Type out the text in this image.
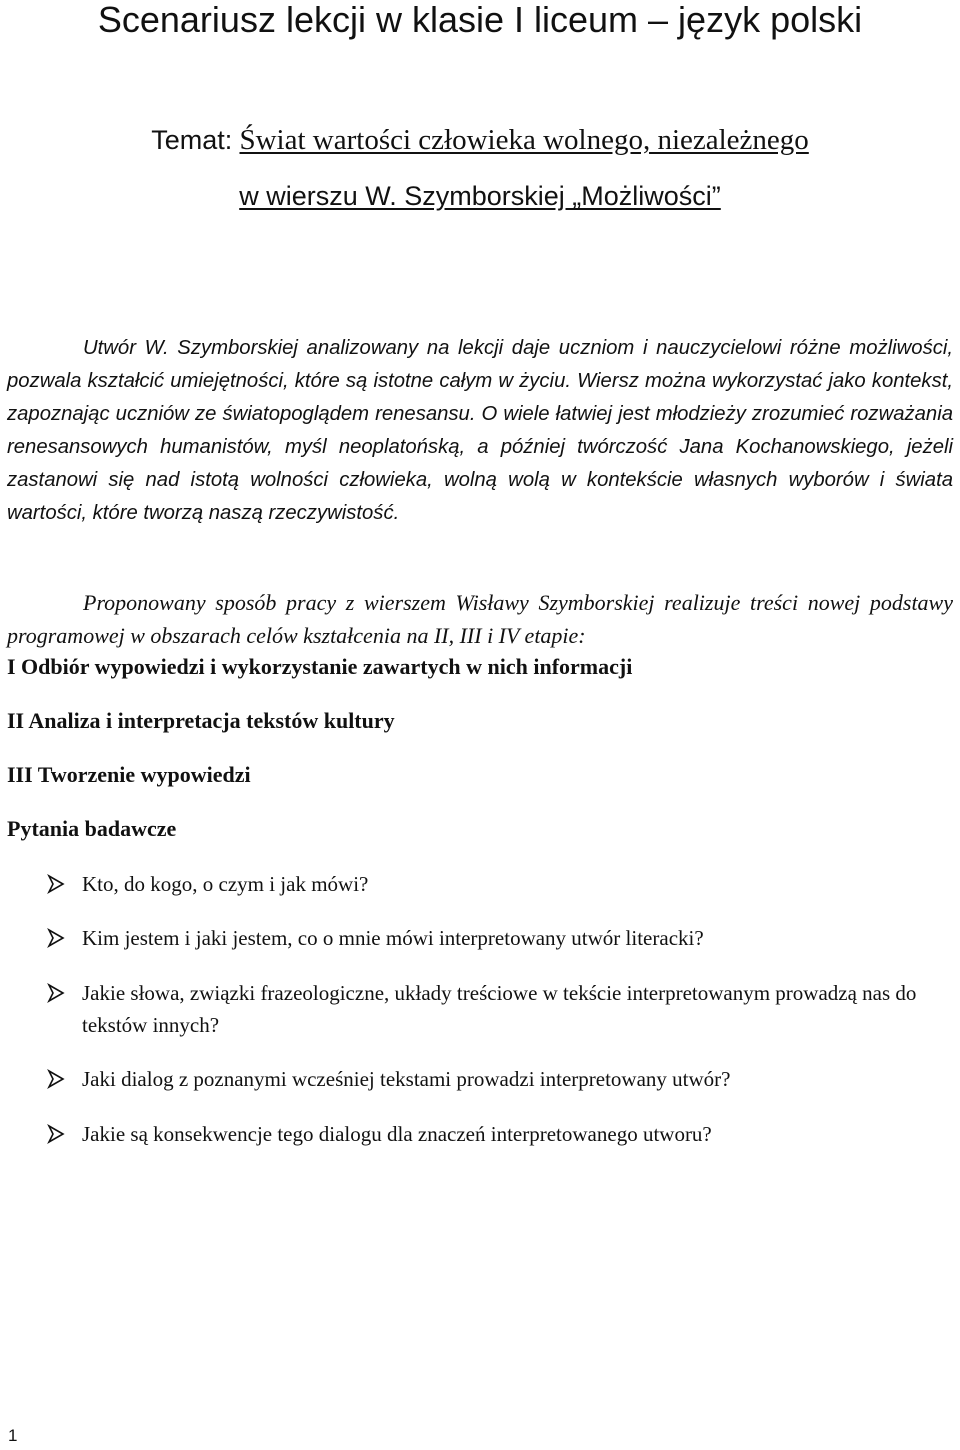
Scenariusz lekcji w klasie I liceum – język polski
Temat: Świat wartości człowieka wolnego, niezależnego
w wierszu W. Szymborskiej „Możliwości”

Utwór W. Szymborskiej analizowany na lekcji daje uczniom i nauczycielowi różne możliwości, pozwala kształcić umiejętności, które są istotne całym w życiu. Wiersz można wykorzystać jako kontekst, zapoznając uczniów ze światopoglądem renesansu. O wiele łatwiej jest młodzieży zrozumieć rozważania renesansowych humanistów, myśl neoplatońską, a później twórczość Jana Kochanowskiego, jeżeli zastanowi się nad istotą wolności człowieka, wolną wolą w kontekście własnych wyborów i świata wartości, które tworzą naszą rzeczywistość.

Proponowany sposób pracy z wierszem Wisławy Szymborskiej realizuje treści nowej podstawy programowej w obszarach celów kształcenia na II, III i IV etapie:

I Odbiór wypowiedzi i wykorzystanie zawartych w nich informacji
II Analiza i interpretacja tekstów kultury
III Tworzenie wypowiedzi
Pytania badawcze
Kto, do kogo, o czym i jak mówi?
Kim jestem i jaki jestem, co o mnie mówi interpretowany utwór literacki?
Jakie słowa, związki frazeologiczne, układy treściowe w tekście interpretowanym prowadzą nas do tekstów innych?
Jaki dialog z poznanymi wcześniej tekstami prowadzi interpretowany utwór?
Jakie są konsekwencje tego dialogu dla znaczeń interpretowanego utworu?
1
